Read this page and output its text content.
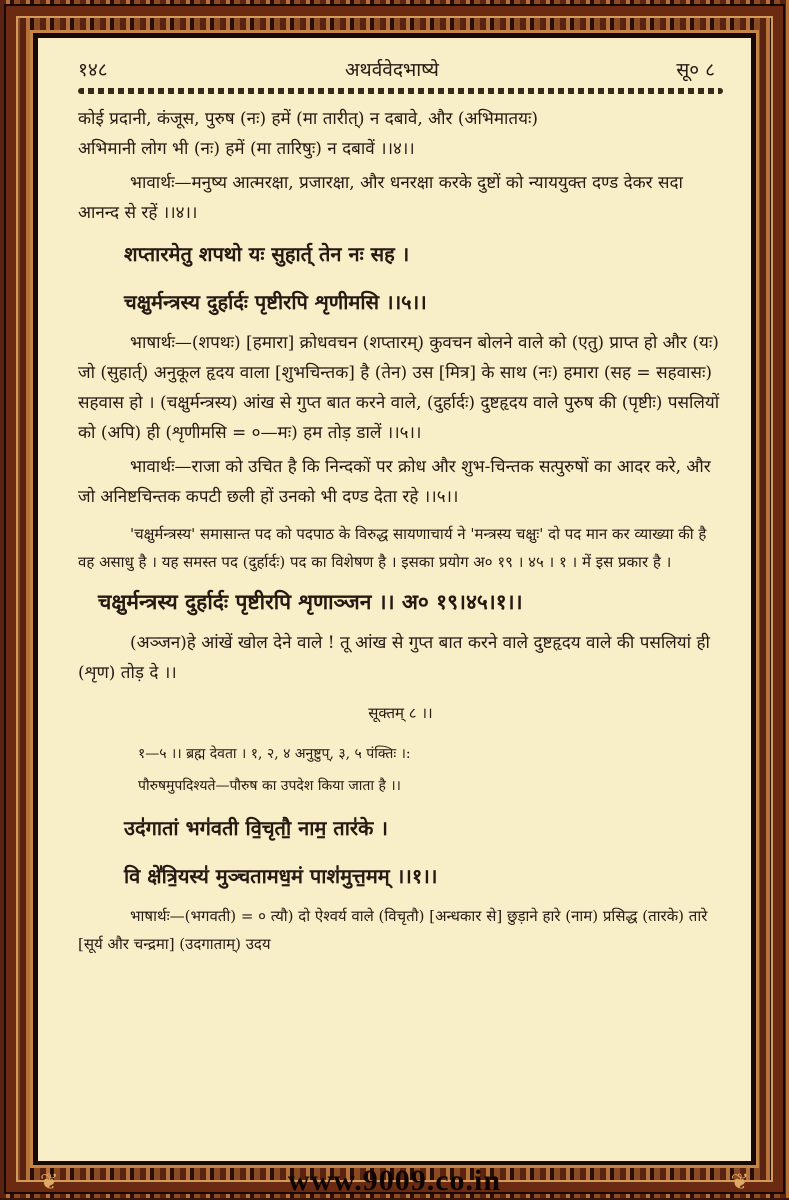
१४८	अथर्ववेदभाष्ये	सू० ८

कोई प्रदानी, कंजूस, पुरुष (नः) हमें (मा तारीत्) न दबावे, और (अभिमातयः)

अभिमानी लोग भी (नः) हमें (मा तारिषुः) न दबावें ।।४।।

भावार्थः—मनुष्य आत्मरक्षा, प्रजारक्षा, और धनरक्षा करके दुष्टों को न्याययुक्त दण्ड देकर सदा आनन्द से रहें ।।४।।

शप्तारमेतु शपथो यः सुहार्त् तेन नः सह ।
चक्षुर्मन्त्रस्य दुर्हार्दः पृष्टीरपि शृणीमसि ।।५।।

भाषार्थः—(शपथः) [हमारा] क्रोधवचन (शप्तारम्) कुवचन बोलने वाले को (एतु) प्राप्त हो और (यः) जो (सुहार्त्) अनुकूल हृदय वाला [शुभचिन्तक] है (तेन) उस [मित्र] के साथ (नः) हमारा (सह = सहवासः) सहवास हो । (चक्षुर्मन्त्रस्य) आंख से गुप्त बात करने वाले, (दुर्हार्दः) दुष्टहृदय वाले पुरुष की (पृष्टीः) पसलियों को (अपि) ही (शृणीमसि = ०—मः) हम तोड़ डालें ।।५।।

भावार्थः—राजा को उचित है कि निन्दकों पर क्रोध और शुभ-चिन्तक सत्पुरुषों का आदर करे, और जो अनिष्टचिन्तक कपटी छली हों उनको भी दण्ड देता रहे ।।५।।

'चक्षुर्मन्त्रस्य' समासान्त पद को पदपाठ के विरुद्ध सायणाचार्य ने 'मन्त्रस्य चक्षुः' दो पद मान कर व्याख्या की है वह असाधु है । यह समस्त पद (दुर्हार्दः) पद का विशेषण है । इसका प्रयोग अ० १९ । ४५ । १ । में इस प्रकार है ।

चक्षुर्मन्त्रस्य दुर्हार्दः पृष्टीरपि शृणाञ्जन ।। अ० १९।४५।१।।

(अञ्जन)हे आंखें खोल देने वाले ! तू आंख से गुप्त बात करने वाले दुष्टहृदय वाले की पसलियां ही (शृण) तोड़ दे ।।

सूक्तम् ८ ।।
१—५ ।। ब्रह्म देवता । १, २, ४ अनुष्टुप्, ३, ५ पंक्तिः ।:
पौरुषमुपदिश्यते—पौरुष का उपदेश किया जाता है ।।
उद॑गातां भग॑वती वि॒चृतौ॒ नाम॒ तार॑के ।
वि क्षे॑त्रि॒यस्य॑ मुञ्चतामध॒मं पाश॑मुत्त॒मम् ।।१।।

भाषार्थः—(भगवती) = ० त्यौ) दो ऐश्वर्य वाले (विचृतौ) [अन्धकार से] छुड़ाने हारे (नाम) प्रसिद्ध (तारके) तारे [सूर्य और चन्द्रमा] (उदगाताम्) उदय

❦	❦
www.9009.co.in
